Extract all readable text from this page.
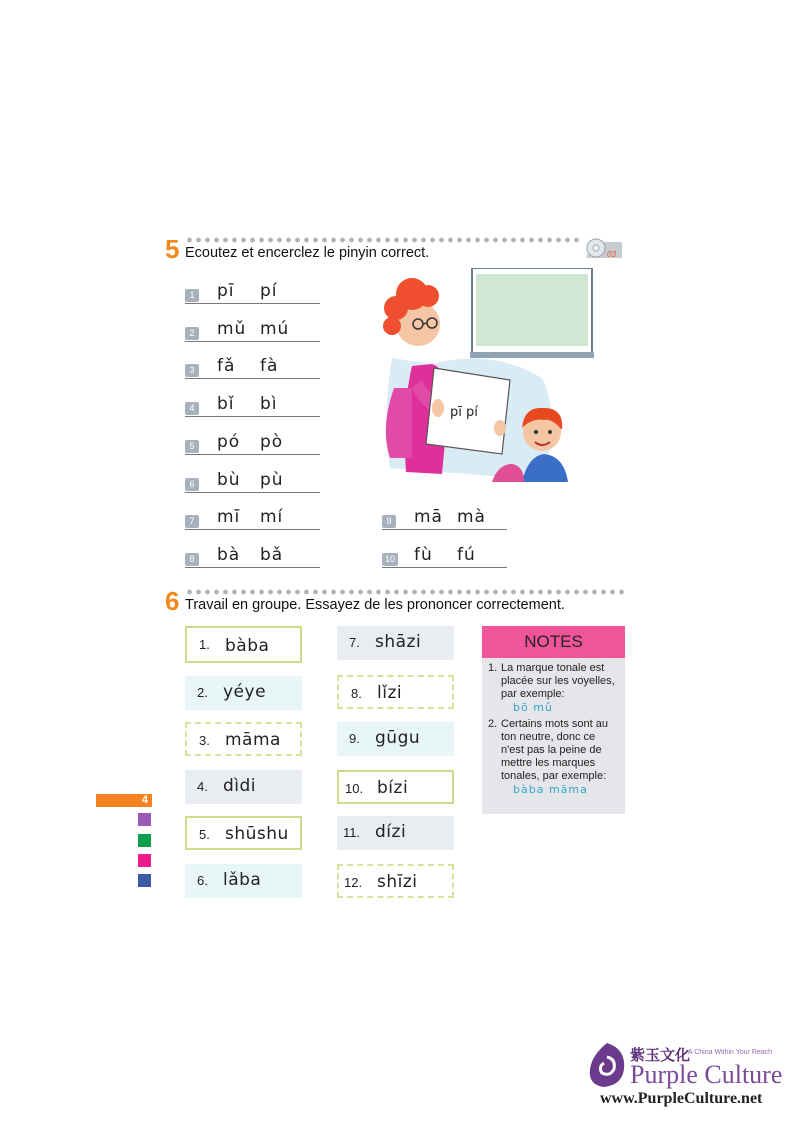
5 Ecoutez et encerclez le pinyin correct.	03
1 pī pí
2 mǔ mú
3 fǎ fà
4 bǐ bì
5 pó pò
6 bù pù
7 mī mí
8 bà bǎ
9 mā mà
10 fù fú
pī pí
6 Travail en groupe. Essayez de les prononcer correctement.
1. bàba
2. yéye
3. māma
4. dìdi
5. shūshu
6. lǎba
7. shāzi
8. lǐzi
9. gūgu
10. bízi
11. dízi
12. shīzi
NOTES
1. La marque tonale est placée sur les voyelles, par exemple:
bō mǔ
2. Certains mots sont au ton neutre, donc ce n'est pas la peine de mettre les marques tonales, par exemple:
bàba māma
4
紫玉文化
A China Within Your Reach
Purple Culture
www.PurpleCulture.net
